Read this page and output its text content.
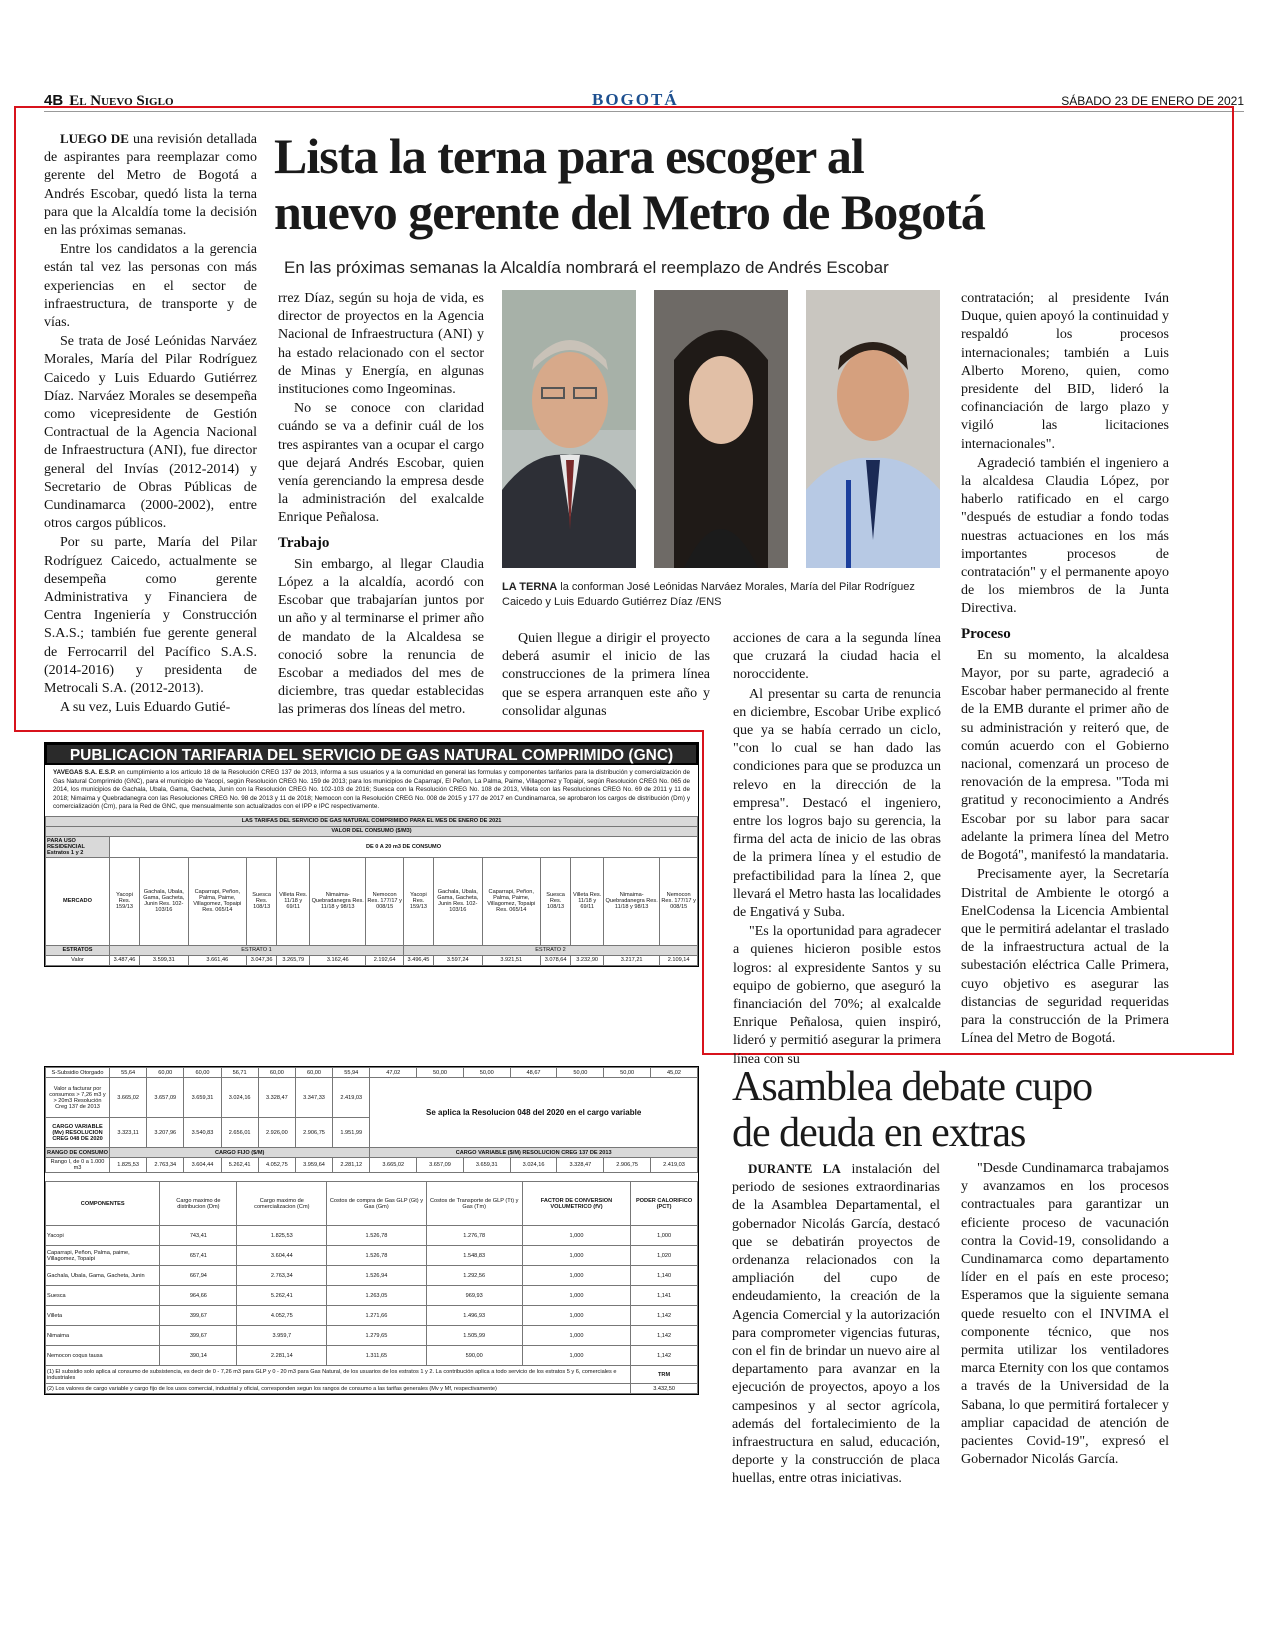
4B El Nuevo Siglo	BOGOTÁ	SÁBADO 23 DE ENERO DE 2021
Lista la terna para escoger al
nuevo gerente del Metro de Bogotá
En las próximas semanas la Alcaldía nombrará el reemplazo de Andrés Escobar

LUEGO DE una revisión detallada de aspirantes para reemplazar como gerente del Metro de Bogotá a Andrés Escobar, quedó lista la terna para que la Alcaldía tome la decisión en las próximas semanas.

Entre los candidatos a la gerencia están tal vez las personas con más experiencias en el sector de infraestructura, de transporte y de vías.

Se trata de José Leónidas Narváez Morales, María del Pilar Rodríguez Caicedo y Luis Eduardo Gutiérrez Díaz. Narváez Morales se desempeña como vicepresidente de Gestión Contractual de la Agencia Nacional de Infraestructura (ANI), fue director general del Invías (2012-2014) y Secretario de Obras Públicas de Cundinamarca (2000-2002), entre otros cargos públicos.

Por su parte, María del Pilar Rodríguez Caicedo, actualmente se desempeña como gerente Administrativa y Financiera de Centra Ingeniería y Construcción S.A.S.; también fue gerente general de Ferrocarril del Pacífico S.A.S. (2014-2016) y presidenta de Metrocali S.A. (2012-2013).

A su vez, Luis Eduardo Gutié-

rrez Díaz, según su hoja de vida, es director de proyectos en la Agencia Nacional de Infraestructura (ANI) y ha estado relacionado con el sector de Minas y Energía, en algunas instituciones como Ingeominas.

No se conoce con claridad cuándo se va a definir cuál de los tres aspirantes van a ocupar el cargo que dejará Andrés Escobar, quien venía gerenciando la empresa desde la administración del exalcalde Enrique Peñalosa.

Trabajo

Sin embargo, al llegar Claudia López a la alcaldía, acordó con Escobar que trabajarían juntos por un año y al terminarse el primer año de mandato de la Alcaldesa se conoció sobre la renuncia de Escobar a mediados del mes de diciembre, tras quedar establecidas las primeras dos líneas del metro.

LA TERNA la conforman José Leónidas Narváez Morales, María del Pilar Rodríguez Caicedo y Luis Eduardo Gutiérrez Díaz /ENS

Quien llegue a dirigir el proyecto deberá asumir el inicio de las construcciones de la primera línea que se espera arranquen este año y consolidar algunas

acciones de cara a la segunda línea que cruzará la ciudad hacia el noroccidente.

Al presentar su carta de renuncia en diciembre, Escobar Uribe explicó que ya se había cerrado un ciclo, "con lo cual se han dado las condiciones para que se produzca un relevo en la dirección de la empresa". Destacó el ingeniero, entre los logros bajo su gerencia, la firma del acta de inicio de las obras de la primera línea y el estudio de prefactibilidad para la línea 2, que llevará el Metro hasta las localidades de Engativá y Suba.

"Es la oportunidad para agradecer a quienes hicieron posible estos logros: al expresidente Santos y su equipo de gobierno, que aseguró la financiación del 70%; al exalcalde Enrique Peñalosa, quien inspiró, lideró y permitió asegurar la primera línea con su

contratación; al presidente Iván Duque, quien apoyó la continuidad y respaldó los procesos internacionales; también a Luis Alberto Moreno, quien, como presidente del BID, lideró la cofinanciación de largo plazo y vigiló las licitaciones internacionales".

Agradeció también el ingeniero a la alcaldesa Claudia López, por haberlo ratificado en el cargo "después de estudiar a fondo todas nuestras actuaciones en los más importantes procesos de contratación" y el permanente apoyo de los miembros de la Junta Directiva.

Proceso

En su momento, la alcaldesa Mayor, por su parte, agradeció a Escobar haber permanecido al frente de la EMB durante el primer año de su administración y reiteró que, de común acuerdo con el Gobierno nacional, comenzará un proceso de renovación de la empresa. "Toda mi gratitud y reconocimiento a Andrés Escobar por su labor para sacar adelante la primera línea del Metro de Bogotá", manifestó la mandataria.

Precisamente ayer, la Secretaría Distrital de Ambiente le otorgó a EnelCodensa la Licencia Ambiental que le permitirá adelantar el traslado de la infraestructura actual de la subestación eléctrica Calle Primera, cuyo objetivo es asegurar las distancias de seguridad requeridas para la construcción de la Primera Línea del Metro de Bogotá.

Asamblea debate cupo
de deuda en extras

DURANTE LA instalación del periodo de sesiones extraordinarias de la Asamblea Departamental, el gobernador Nicolás García, destacó que se debatirán proyectos de ordenanza relacionados con la ampliación del cupo de endeudamiento, la creación de la Agencia Comercial y la autorización para comprometer vigencias futuras, con el fin de brindar un nuevo aire al departamento para avanzar en la ejecución de proyectos, apoyo a los campesinos y al sector agrícola, además del fortalecimiento de la infraestructura en salud, educación, deporte y la construcción de placa huellas, entre otras iniciativas.

"Desde Cundinamarca trabajamos y avanzamos en los procesos contractuales para garantizar un eficiente proceso de vacunación contra la Covid-19, consolidando a Cundinamarca como departamento líder en el país en este proceso; Esperamos que la siguiente semana quede resuelto con el INVIMA el componente técnico, que nos permita utilizar los ventiladores marca Eternity con los que contamos a través de la Universidad de la Sabana, lo que permitirá fortalecer y ampliar capacidad de atención de pacientes Covid-19", expresó el Gobernador Nicolás García.

PUBLICACION TARIFARIA DEL SERVICIO DE GAS NATURAL COMPRIMIDO (GNC)
YAVEGAS S.A. E.S.P. en cumplimiento a los artículo 18 de la Resolución CREG 137 de 2013, informa a sus usuarios y a la comunidad en general las formulas y componentes tarifarios para la distribución y comercialización de Gas Natural Comprimido (GNC), para el municipio de Yacopí, según Resolución CREG No. 159 de 2013; para los municipios de Caparrapí, El Peñon, La Palma, Paime, Villagomez y Topaipí, según Resolución CREG No. 065 de 2014, los municipios de Gachala, Ubala, Gama, Gacheta, Junin con la Resolución CREG No. 102-103 de 2016; Suesca con la Resolución CREG No. 108 de 2013, Villeta con las Resoluciones CREG No. 69 de 2011 y 11 de 2018; Nimaima y Quebradanegra con las Resoluciones CREG No. 98 de 2013 y 11 de 2018; Nemocon con la Resolución CREG No. 008 de 2015 y 177 de 2017 en Cundinamarca, se aprobaron los cargos de distribución (Dm) y comercialización (Cm), para la Red de GNC, que mensualmente son actualizados con el IPP e IPC respectivamente.
LAS TARIFAS DEL SERVICIO DE GAS NATURAL COMPRIMIDO PARA EL MES DE ENERO DE 2021														
VALOR DEL CONSUMO ($/M3)														
PARA USO RESIDENCIAL Estratos 1 y 2	DE 0 A 20 m3 DE CONSUMO													
MERCADO	Yacopi Res. 159/13	Gachala, Ubala, Gama, Gacheta, Junin Res. 102-103/16	Caparrapi, Peñon, Palma, Paime, Villagomez, Topaipi Res. 065/14	Suesca Res. 108/13	Villeta Res. 11/18 y 69/11	Nimaima-Quebradanegra Res. 11/18 y 98/13	Nemocon Res. 177/17 y 008/15	Yacopi Res. 159/13	Gachala, Ubala, Gama, Gacheta, Junin Res. 102-103/16	Caparrapi, Peñon, Palma, Paime, Villagomez, Topaipi Res. 065/14	Suesca Res. 108/13	Villeta Res. 11/18 y 69/11	Nimaima-Quebradanegra Res. 11/18 y 98/13	Nemocon Res. 177/17 y 008/15
ESTRATOS	ESTRATO 1							ESTRATO 2						
Valor	3.487,46	3.599,31	3.661,46	3.047,36	3.265,79	3.162,46	2.192,64	3.496,45	3.597,24	3.921,51	3.078,64	3.232,90	3.217,21	2.109,14
S-Subsidio Otorgado	55,64	60,00	60,00	56,71	60,00	60,00	55,94	47,02	50,00	50,00	48,67	50,00	50,00	45,02
Valor a facturar por consumos > 7,26 m3 y > 20m3 Resolución Creg 137 de 2013	3.665,02	3.657,09	3.659,31	3.024,16	3.328,47	3.347,33	2.419,03	Se aplica la Resolucion 048 del 2020 en el cargo variable						
CARGO VARIABLE (Mv) RESOLUCION CREG 048 DE 2020	3.323,11	3.207,96	3.540,83	2.656,01	2.926,00	2.906,75	1.951,99							
RANGO DE CONSUMO	CARGO FIJO ($/M)							CARGO VARIABLE ($/M) RESOLUCION CREG 137 DE 2013						
Rango I, de 0 a 1.000 m3	1.825,53	2.763,34	3.604,44	5.262,41	4.052,75	3.959,64	2.281,12	3.665,02	3.657,09	3.659,31	3.024,16	3.328,47	2.906,75	2.419,03
COMPONENTES	Cargo maximo de distribucion (Dm)	Cargo maximo de comercializacion (Cm)	Costos de compra de Gas GLP (Gt) y Gas (Gm)	Costos de Transporte de GLP (Tt) y Gas (Tm)	FACTOR DE CONVERSION VOLUMETRICO (fV)	PODER CALORIFICO (PCT)
Yacopi	743,41	1.825,53	1.526,78	1.276,78	1,000	1,000
Caparrapi, Peñon, Palma, paime, Villagomez, Topaipi	657,41	3.604,44	1.526,78	1.548,83	1,000	1,020
Gachala, Ubala, Gama, Gacheta, Junin	667,94	2.763,34	1.526,94	1.292,56	1,000	1,140
Suesca	964,66	5.262,41	1.263,05	969,93	1,000	1,141
Villeta	399,67	4.052,75	1.271,66	1.496,93	1,000	1,142
Nimaima	399,67	3.959,7	1.279,65	1.505,99	1,000	1,142
Nemocon coqus tausa	390,14	2.281,14	1.311,65	590,00	1,000	1,142
(1) El subsidio solo aplica al consumo de subsistencia, es decir de 0 - 7,26 m3 para GLP y 0 - 20 m3 para Gas Natural, de los usuarios de los estratos 1 y 2. La contribución aplica a todo servicio de los estratos 5 y 6, comerciales e industriales						TRM
(2) Los valores de cargo variable y cargo fijo de los usos comercial, industrial y oficial, corresponden segun los rangos de consumo a las tarifas generales (Mv y Mf, respectivamente)						3.432,50
